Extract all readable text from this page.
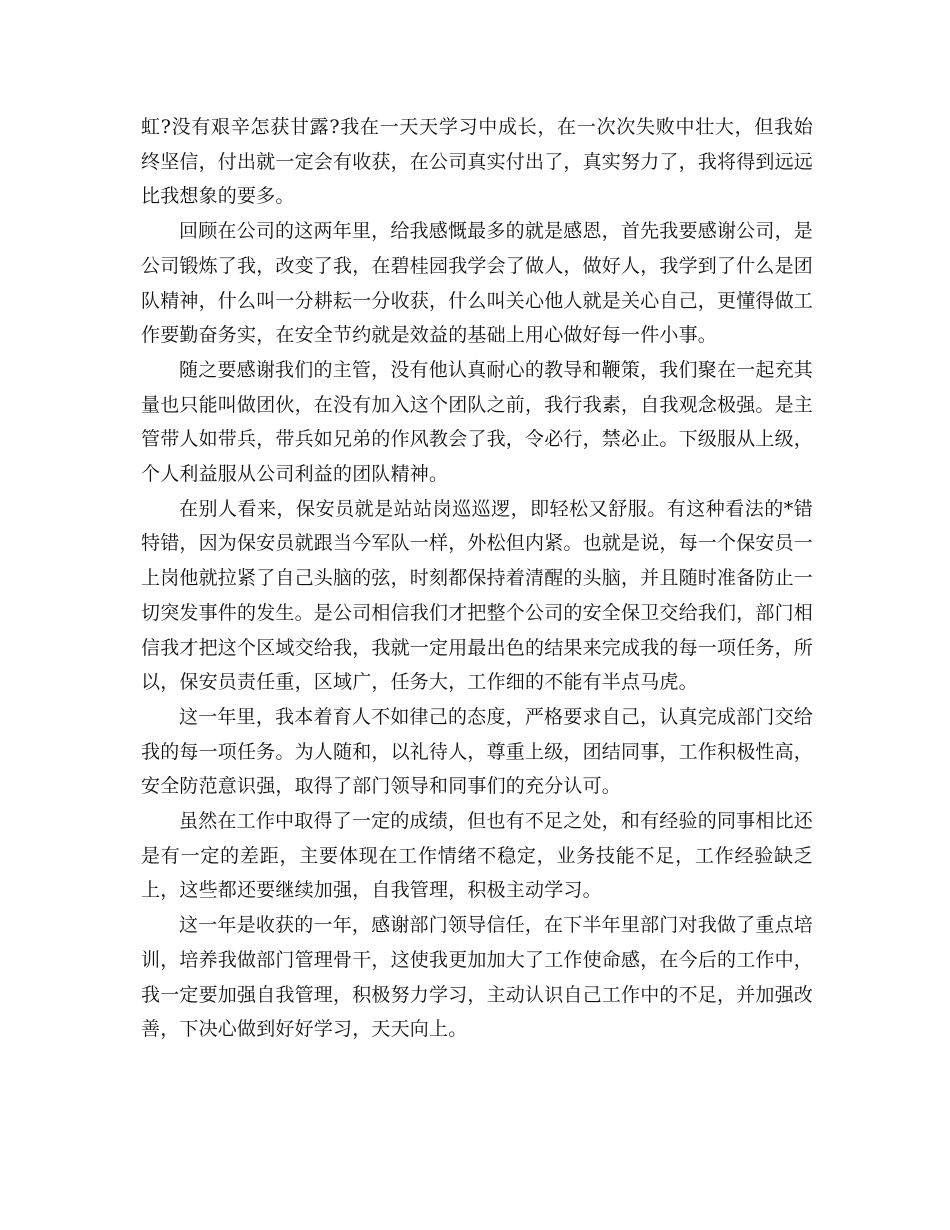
虹?没有艰辛怎获甘露?我在一天天学习中成长，在一次次失败中壮大，但我始终坚信，付出就一定会有收获，在公司真实付出了，真实努力了，我将得到远远比我想象的要多。

回顾在公司的这两年里，给我感慨最多的就是感恩，首先我要感谢公司，是公司锻炼了我，改变了我，在碧桂园我学会了做人，做好人，我学到了什么是团队精神，什么叫一分耕耘一分收获，什么叫关心他人就是关心自己，更懂得做工作要勤奋务实，在安全节约就是效益的基础上用心做好每一件小事。

随之要感谢我们的主管，没有他认真耐心的教导和鞭策，我们聚在一起充其量也只能叫做团伙，在没有加入这个团队之前，我行我素，自我观念极强。是主管带人如带兵，带兵如兄弟的作风教会了我，令必行，禁必止。下级服从上级，个人利益服从公司利益的团队精神。

在别人看来，保安员就是站站岗巡巡逻，即轻松又舒服。有这种看法的*错特错，因为保安员就跟当今军队一样，外松但内紧。也就是说，每一个保安员一上岗他就拉紧了自己头脑的弦，时刻都保持着清醒的头脑，并且随时准备防止一切突发事件的发生。是公司相信我们才把整个公司的安全保卫交给我们，部门相信我才把这个区域交给我，我就一定用最出色的结果来完成我的每一项任务，所以，保安员责任重，区域广，任务大，工作细的不能有半点马虎。

这一年里，我本着育人不如律己的态度，严格要求自己，认真完成部门交给我的每一项任务。为人随和，以礼待人，尊重上级，团结同事，工作积极性高，安全防范意识强，取得了部门领导和同事们的充分认可。

虽然在工作中取得了一定的成绩，但也有不足之处，和有经验的同事相比还是有一定的差距，主要体现在工作情绪不稳定，业务技能不足，工作经验缺乏上，这些都还要继续加强，自我管理，积极主动学习。

这一年是收获的一年，感谢部门领导信任，在下半年里部门对我做了重点培训，培养我做部门管理骨干，这使我更加加大了工作使命感，在今后的工作中，我一定要加强自我管理，积极努力学习，主动认识自己工作中的不足，并加强改善，下决心做到好好学习，天天向上。
